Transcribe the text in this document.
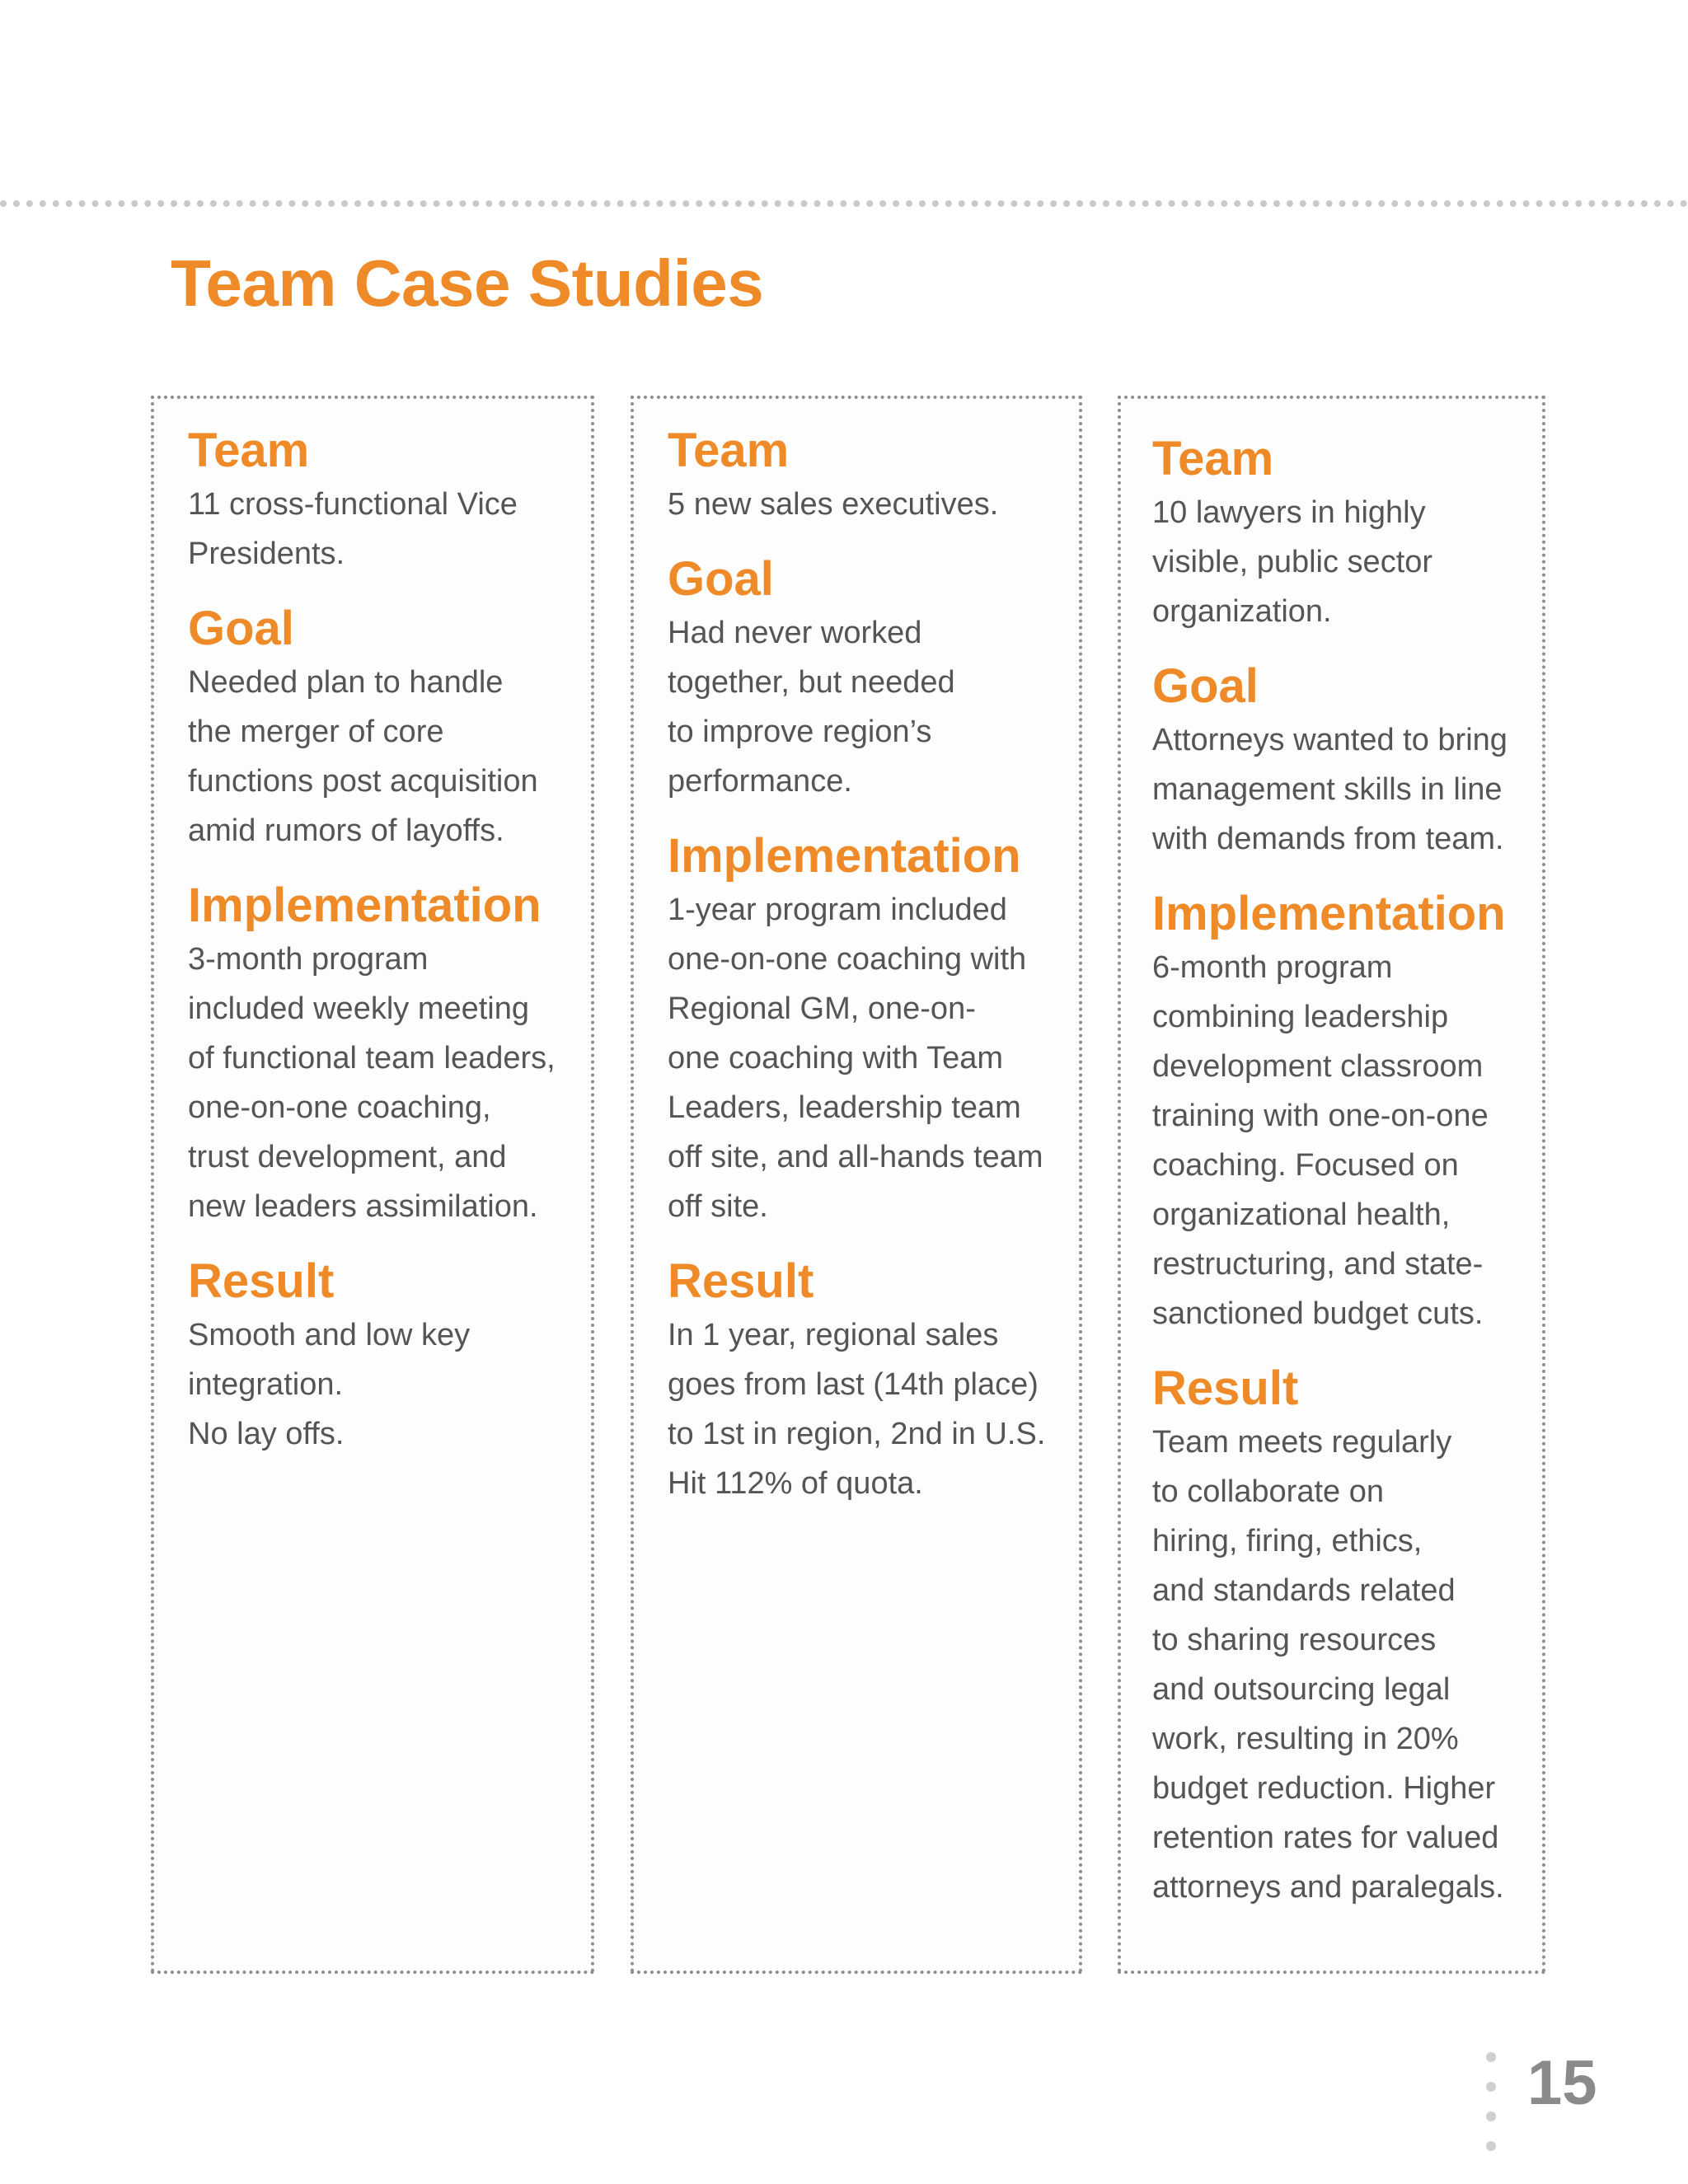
Team Case Studies
Team

11 cross-functional Vice
Presidents.

Goal

Needed plan to handle
the merger of core
functions post acquisition
amid rumors of layoffs.

Implementation

3-month program
included weekly meeting
of functional team leaders,
one-on-one coaching,
trust development, and
new leaders assimilation.

Result

Smooth and low key
integration.
No lay offs.

Team

5 new sales executives.

Goal

Had never worked
together, but needed
to improve region’s
performance.

Implementation

1-year program included
one-on-one coaching with
Regional GM, one-on-
one coaching with Team
Leaders, leadership team
off site, and all-hands team
off site.

Result

In 1 year, regional sales
goes from last (14th place)
to 1st in region, 2nd in U.S.
Hit 112% of quota.

Team

10 lawyers in highly
visible, public sector
organization.

Goal

Attorneys wanted to bring
management skills in line
with demands from team.

Implementation

6-month program
combining leadership
development classroom
training with one-on-one
coaching. Focused on
organizational health,
restructuring, and state-
sanctioned budget cuts.

Result

Team meets regularly
to collaborate on
hiring, firing, ethics,
and standards related
to sharing resources
and outsourcing legal
work, resulting in 20%
budget reduction. Higher
retention rates for valued
attorneys and paralegals.

15
